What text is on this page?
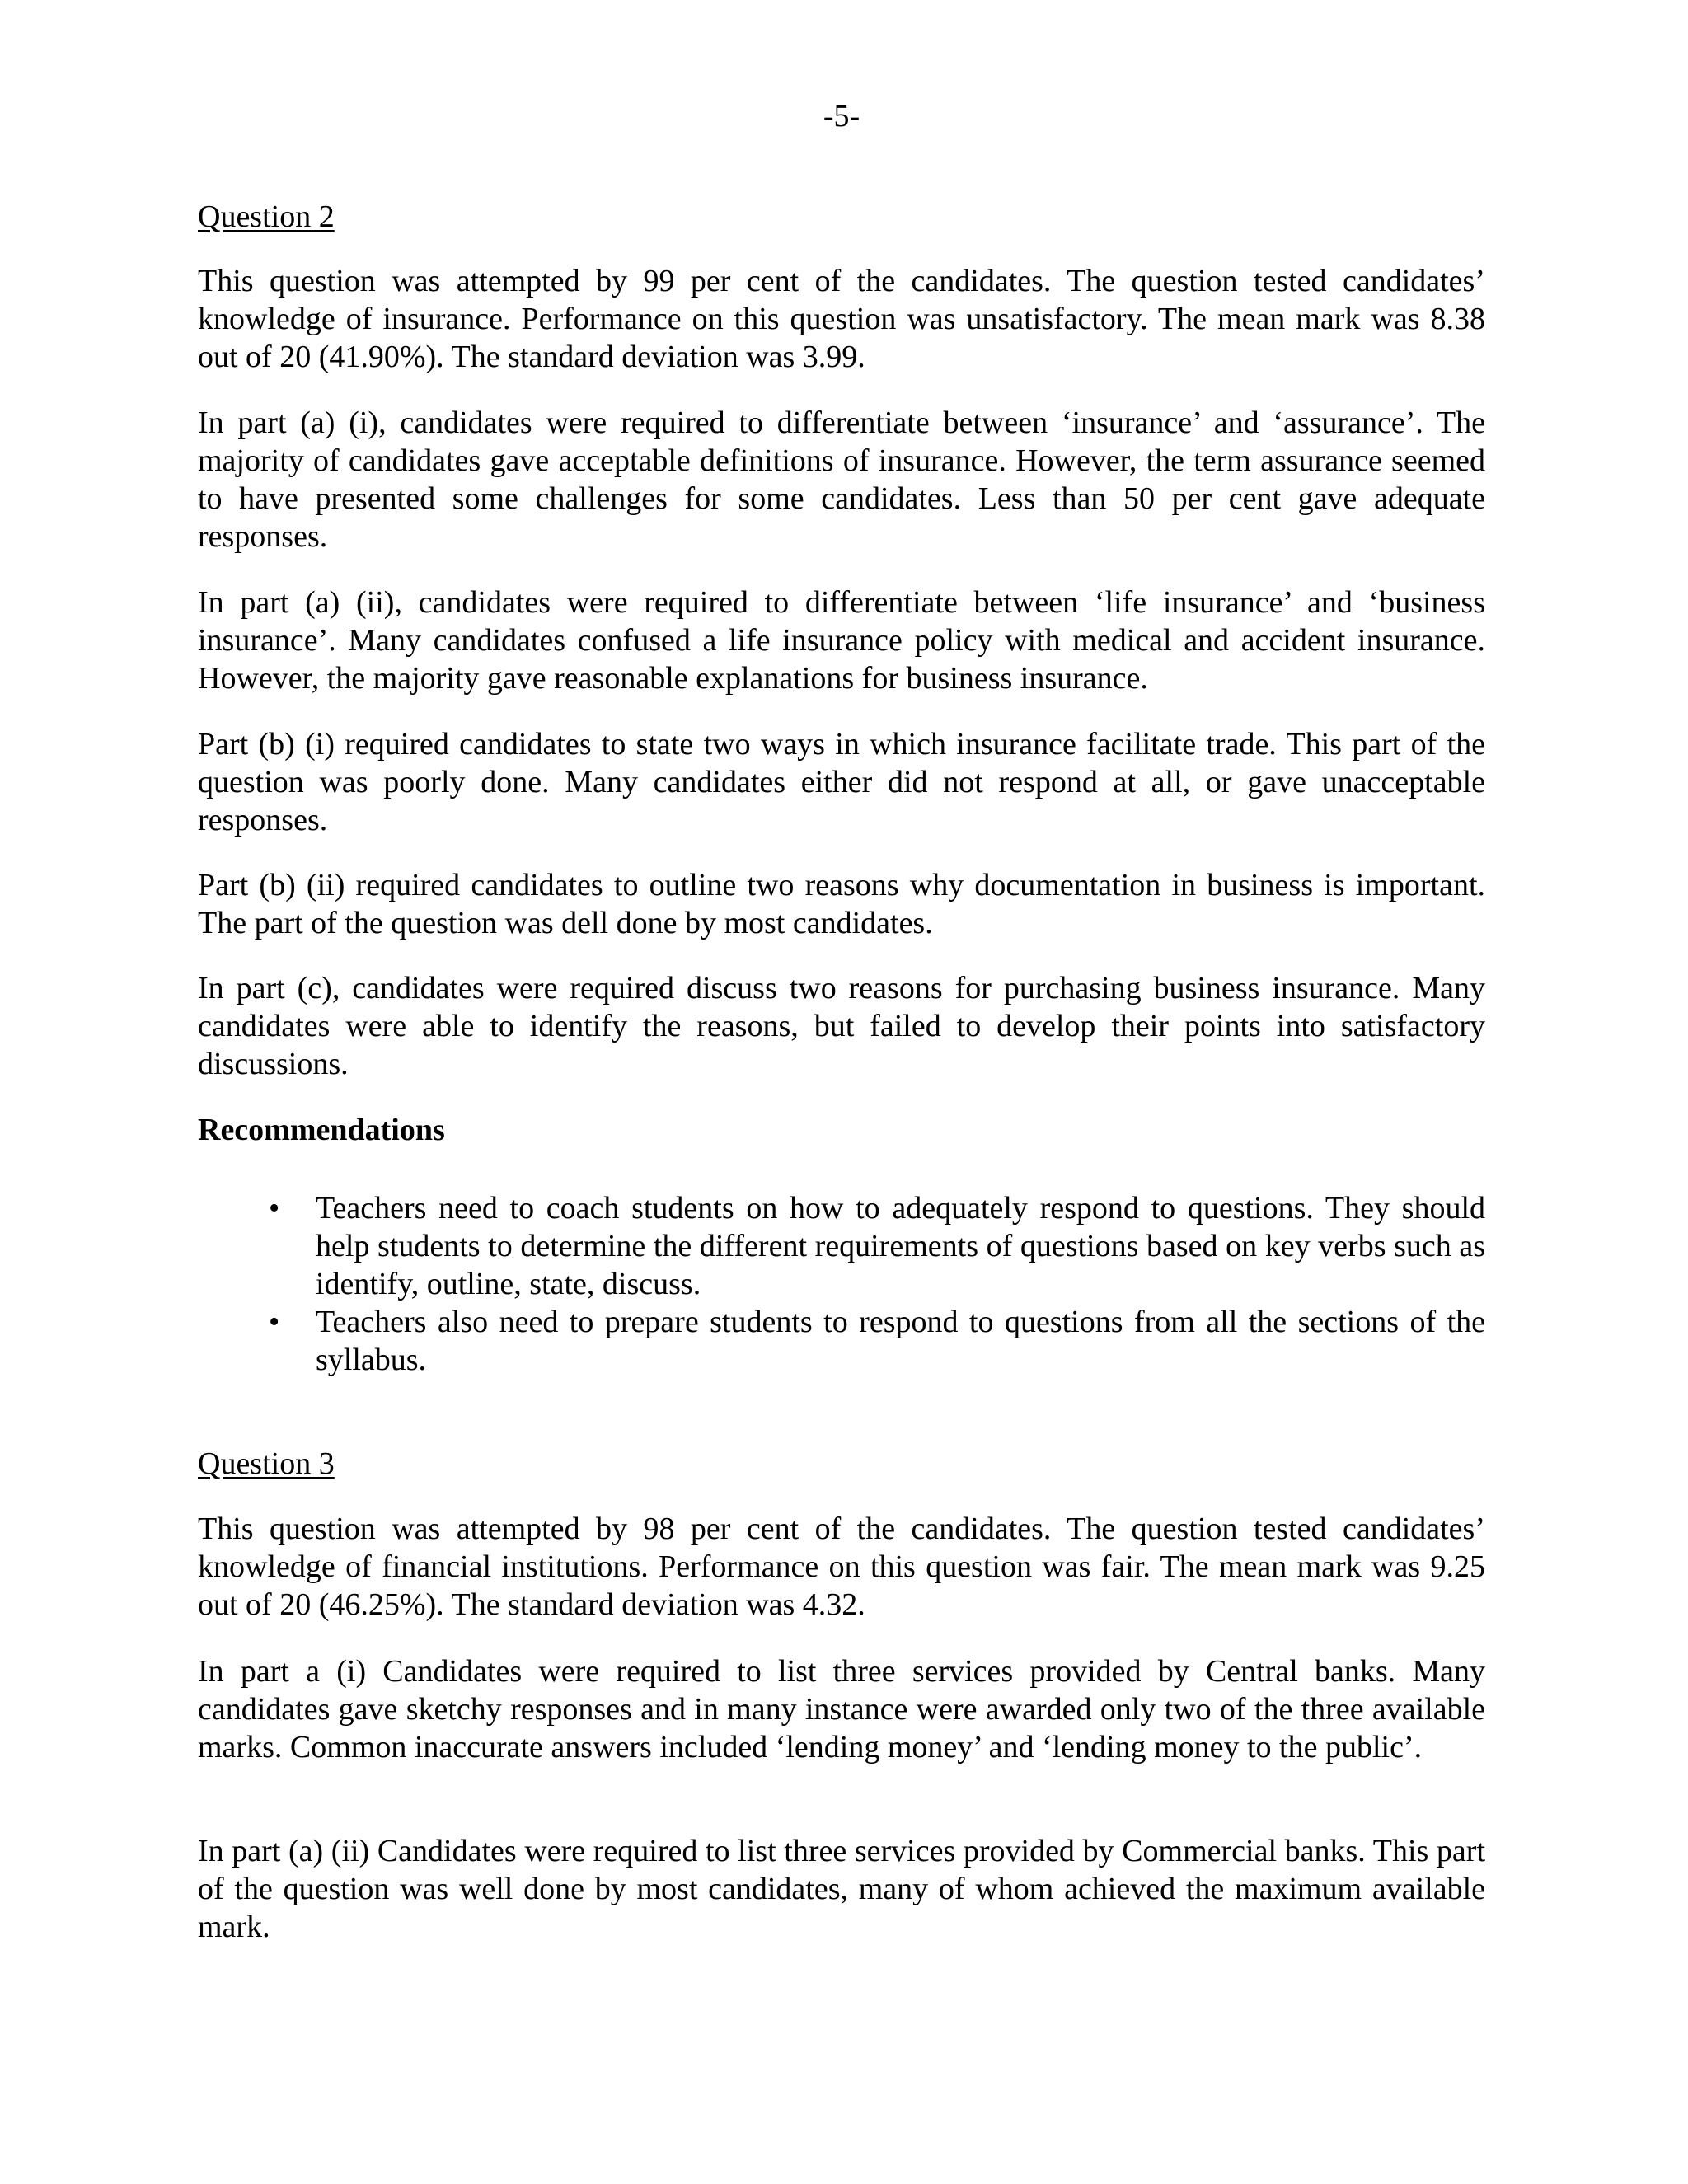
-5-
Question 2

This question was attempted by 99 per cent of the candidates. The question tested candidates’ knowledge of insurance. Performance on this question was unsatisfactory. The mean mark was 8.38 out of 20 (41.90%). The standard deviation was 3.99.

In part (a) (i), candidates were required to differentiate between ‘insurance’ and ‘assurance’. The majority of candidates gave acceptable definitions of insurance. However, the term assurance seemed to have presented some challenges for some candidates. Less than 50 per cent gave adequate responses.

In part (a) (ii), candidates were required to differentiate between ‘life insurance’ and ‘business insurance’. Many candidates confused a life insurance policy with medical and accident insurance. However, the majority gave reasonable explanations for business insurance.

Part (b) (i) required candidates to state two ways in which insurance facilitate trade. This part of the question was poorly done. Many candidates either did not respond at all, or gave unacceptable responses.

Part (b) (ii) required candidates to outline two reasons why documentation in business is important. The part of the question was dell done by most candidates.

In part (c), candidates were required discuss two reasons for purchasing business insurance. Many candidates were able to identify the reasons, but failed to develop their points into satisfactory discussions.

Recommendations
• Teachers need to coach students on how to adequately respond to questions. They should help students to determine the different requirements of questions based on key verbs such as identify, outline, state, discuss.
• Teachers also need to prepare students to respond to questions from all the sections of the syllabus.
Question 3

This question was attempted by 98 per cent of the candidates. The question tested candidates’ knowledge of financial institutions. Performance on this question was fair. The mean mark was 9.25 out of 20 (46.25%). The standard deviation was 4.32.

In part a (i) Candidates were required to list three services provided by Central banks. Many candidates gave sketchy responses and in many instance were awarded only two of the three available marks. Common inaccurate answers included ‘lending money’ and ‘lending money to the public’.

In part (a) (ii) Candidates were required to list three services provided by Commercial banks. This part of the question was well done by most candidates, many of whom achieved the maximum available mark.
